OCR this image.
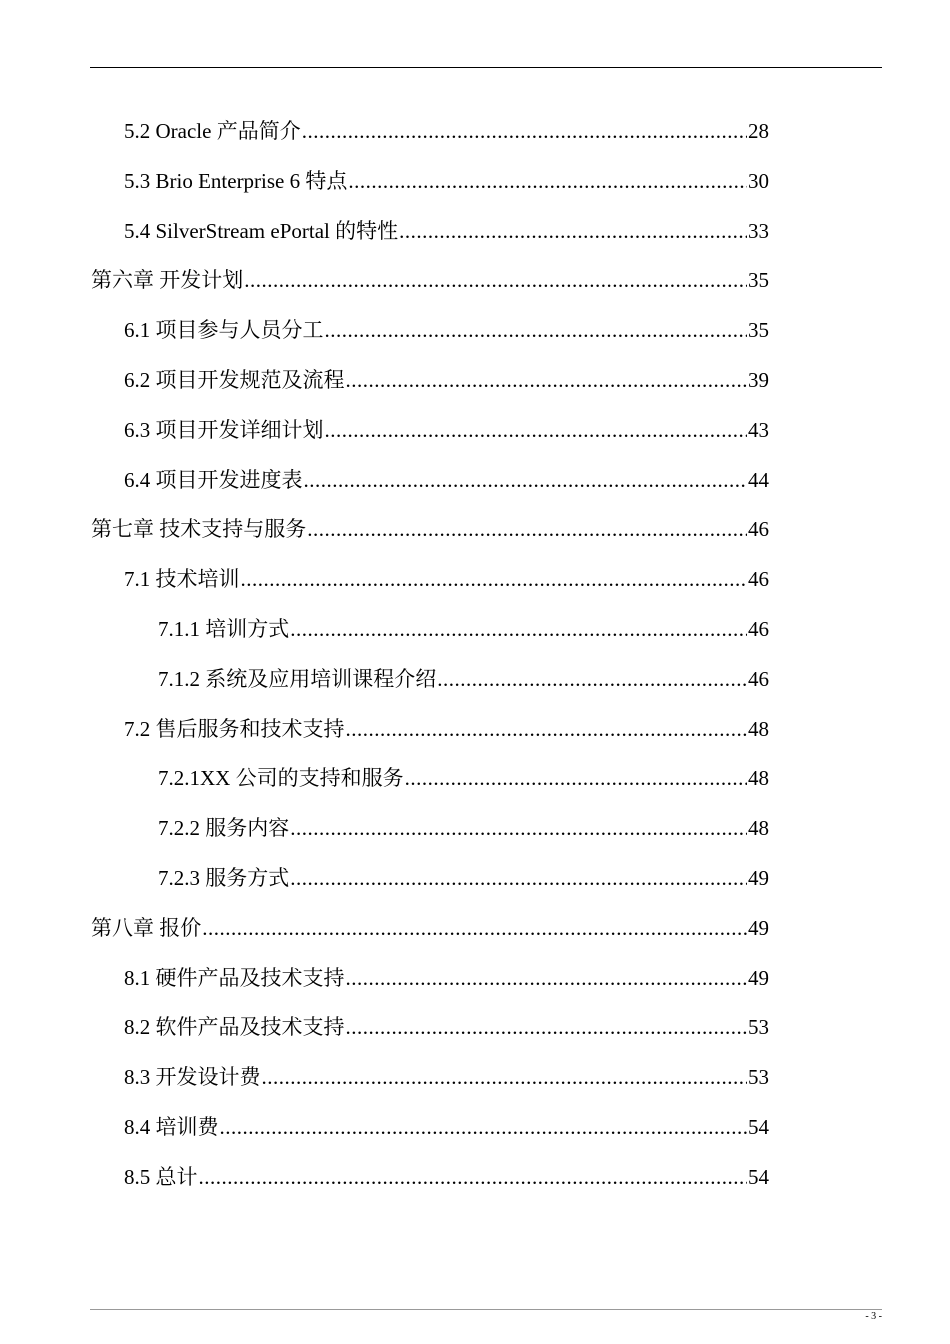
5.2 Oracle 产品简介 .....	28
5.3 Brio Enterprise 6 特点 .....	30
5.4 SilverStream ePortal 的特性 .....	33
第六章 开发计划 .....	35
6.1 项目参与人员分工 .....	35
6.2 项目开发规范及流程 .....	39
6.3 项目开发详细计划 .....	43
6.4 项目开发进度表 .....	44
第七章 技术支持与服务 .....	46
7.1 技术培训 .....	46
7.1.1 培训方式 .....	46
7.1.2 系统及应用培训课程介绍 .....	46
7.2 售后服务和技术支持 .....	48
7.2.1XX 公司的支持和服务 .....	48
7.2.2 服务内容 .....	48
7.2.3 服务方式 .....	49
第八章 报价 .....	49
8.1 硬件产品及技术支持 .....	49
8.2 软件产品及技术支持 .....	53
8.3 开发设计费 .....	53
8.4 培训费 .....	54
8.5 总计 .....	54
- 3 -
